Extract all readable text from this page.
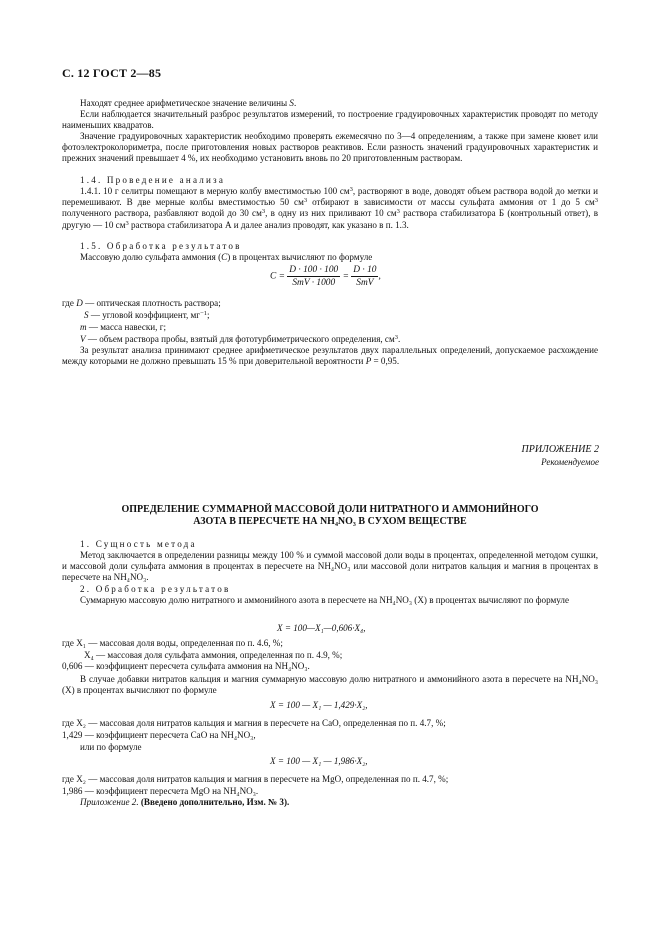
С. 12 ГОСТ 2—85
Находят среднее арифметическое значение величины S.
Если наблюдается значительный разброс результатов измерений, то построение градуировочных характеристик проводят по методу наименьших квадратов.
Значение градуировочных характеристик необходимо проверять ежемесячно по 3—4 определениям, а также при замене кювет или фотоэлектроколориметра, после приготовления новых растворов реактивов. Если разность значений градуировочных характеристик и прежних значений превышает 4 %, их необходимо установить вновь по 20 приготовленным растворам.
1.4. Проведение анализа
1.4.1. 10 г селитры помещают в мерную колбу вместимостью 100 $см^3$, растворяют в воде, доводят объем раствора водой до метки и перемешивают. В две мерные колбы вместимостью 50 $см^3$ отбирают в зависимости от массы сульфата аммония от 1 до 5 $см^3$ полученного раствора, разбавляют водой до 30 $см^3$, в одну из них приливают 10 $см^3$ раствора стабилизатора Б (контрольный ответ), в другую — 10 $см^3$ раствора стабилизатора А и далее анализ проводят, как указано в п. 1.3.
1.5. Обработка результатов
Массовую долю сульфата аммония (C) в процентах вычисляют по формуле
$C = \frac{D \cdot 100 \cdot 100}{\text{SmV · 1000}} = \frac{D \cdot 10}{\text{SmV}}$ ,
где D — оптическая плотность раствора;
S — угловой коэффициент, $мг^{-1}$;
m — масса навески, г;
V — объем раствора пробы, взятый для фототурбиметрического определения, $см^3$.
За результат анализа принимают среднее арифметическое результатов двух параллельных определений, допускаемое расхождение между которыми не должно превышать 15 % при доверительной вероятности P = 0,95.
ПРИЛОЖЕНИЕ 2
Рекомендуемое
ОПРЕДЕЛЕНИЕ СУММАРНОЙ МАССОВОЙ ДОЛИ НИТРАТНОГО И АММОНИЙНОГО
АЗОТА В ПЕРЕСЧЕТЕ НА NH₄NO₃ В СУХОМ ВЕЩЕСТВЕ
1. Сущность метода
Метод заключается в определении разницы между 100 % и суммой массовой доли воды в процентах, определенной методом сушки, и массовой доли сульфата аммония в процентах в пересчете на NH₄NO₃ или массовой доли нитратов кальция и магния в процентах в пересчете на NH₄NO₃.
2. Обработка результатов
Суммарную массовую долю нитратного и аммонийного азота в пересчете на NH₄NO₃ (X) в процентах вычисляют по формуле
X = 100—X₁—0,606·X₄,
где X₁ — массовая доля воды, определенная по п. 4.6, %;
X₄ — массовая доля сульфата аммония, определенная по п. 4.9, %;
0,606 — коэффициент пересчета сульфата аммония на NH₄NO₃.
В случае добавки нитратов кальция и магния суммарную массовую долю нитратного и аммонийного азота в пересчете на NH₄NO₃ (X) в процентах вычисляют по формуле
X = 100 — X₁ — 1,429·X₂,
где X₂ — массовая доля нитратов кальция и магния в пересчете на CaO, определенная по п. 4.7, %;
1,429 — коэффициент пересчета CaO на NH₄NO₃,
или по формуле
X = 100 — X₁ — 1,986·X₂,
где X₂ — массовая доля нитратов кальция и магния в пересчете на MgO, определенная по п. 4.7, %;
1,986 — коэффициент пересчета MgO на NH₄NO₃.
Приложение 2. (Введено дополнительно, Изм. № 3).
